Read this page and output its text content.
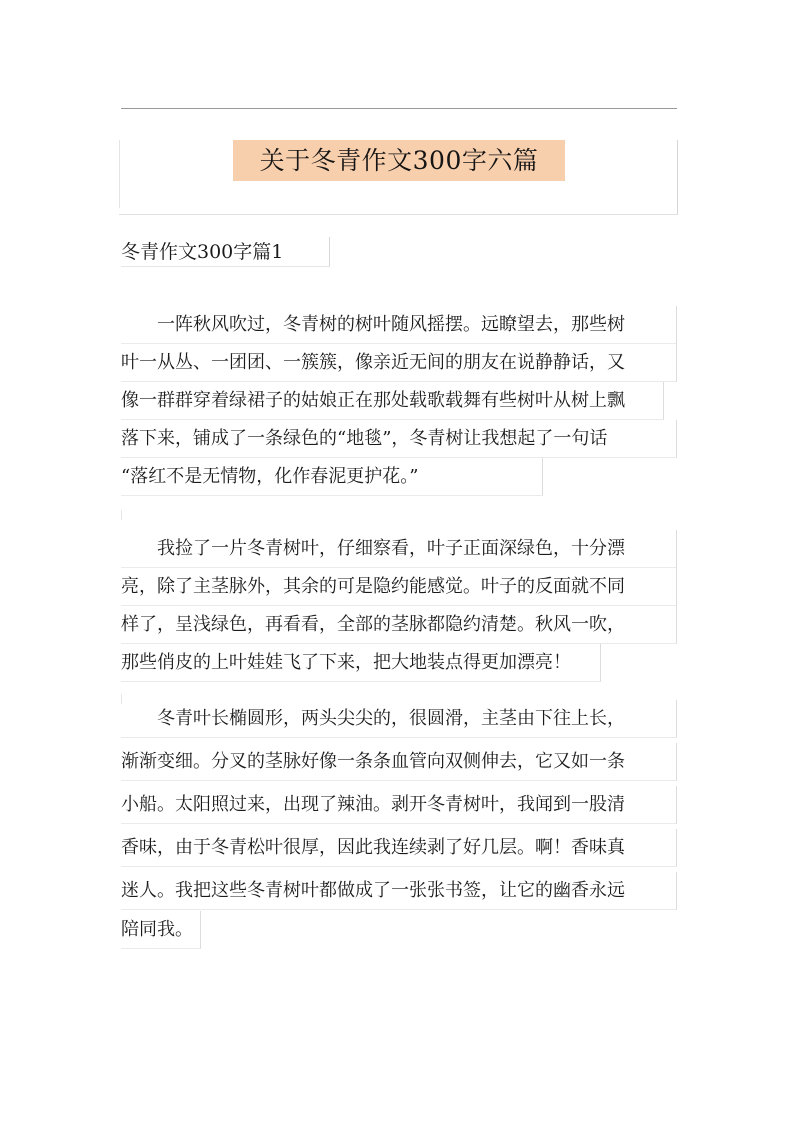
关于冬青作文300字六篇
冬青作文300字篇1
一阵秋风吹过，冬青树的树叶随风摇摆。远瞭望去，那些树
叶一从丛、一团团、一簇簇，像亲近无间的朋友在说静静话，又
像一群群穿着绿裙子的姑娘正在那处载歌载舞有些树叶从树上飘
落下来，铺成了一条绿色的“地毯”，冬青树让我想起了一句话
“落红不是无情物，化作春泥更护花。”
我捡了一片冬青树叶，仔细察看，叶子正面深绿色，十分漂
亮，除了主茎脉外，其余的可是隐约能感觉。叶子的反面就不同
样了，呈浅绿色，再看看，全部的茎脉都隐约清楚。秋风一吹，
那些俏皮的上叶娃娃飞了下来，把大地装点得更加漂亮！
冬青叶长椭圆形，两头尖尖的，很圆滑，主茎由下往上长，
渐渐变细。分叉的茎脉好像一条条血管向双侧伸去，它又如一条
小船。太阳照过来，出现了辣油。剥开冬青树叶，我闻到一股清
香味，由于冬青松叶很厚，因此我连续剥了好几层。啊！香味真
迷人。我把这些冬青树叶都做成了一张张书签，让它的幽香永远
陪同我。
